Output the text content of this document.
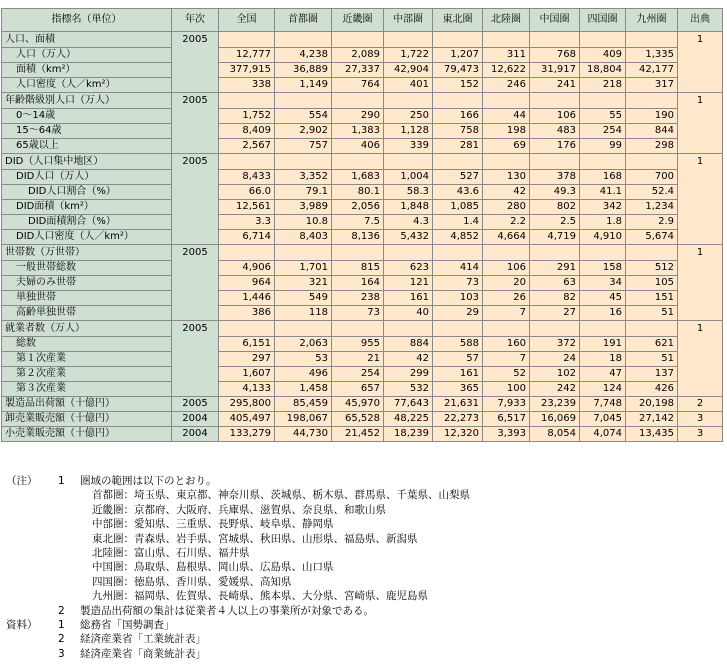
指標名（単位）	年次	全国	首都圏	近畿圏	中部圏	東北圏	北陸圏	中国圏	四国圏	九州圏	出典
人口、面積	2005										1
人口（万人）		12,777	4,238	2,089	1,722	1,207	311	768	409	1,335	
面積（km²）		377,915	36,889	27,337	42,904	79,473	12,622	31,917	18,804	42,177	
人口密度（人／km²）		338	1,149	764	401	152	246	241	218	317	
年齢階級別人口（万人）	2005										1
0～14歳		1,752	554	290	250	166	44	106	55	190	
15～64歳		8,409	2,902	1,383	1,128	758	198	483	254	844	
65歳以上		2,567	757	406	339	281	69	176	99	298	
DID（人口集中地区）	2005										1
DID人口（万人）		8,433	3,352	1,683	1,004	527	130	378	168	700	
DID人口割合（%）		66.0	79.1	80.1	58.3	43.6	42	49.3	41.1	52.4	
DID面積（km²）		12,561	3,989	2,056	1,848	1,085	280	802	342	1,234	
DID面積割合（%）		3.3	10.8	7.5	4.3	1.4	2.2	2.5	1.8	2.9	
DID人口密度（人／km²）		6,714	8,403	8,136	5,432	4,852	4,664	4,719	4,910	5,674	
世帯数（万世帯）	2005										1
一般世帯総数		4,906	1,701	815	623	414	106	291	158	512	
夫婦のみ世帯		964	321	164	121	73	20	63	34	105	
単独世帯		1,446	549	238	161	103	26	82	45	151	
高齢単独世帯		386	118	73	40	29	7	27	16	51	
就業者数（万人）	2005										1
総数		6,151	2,063	955	884	588	160	372	191	621	
第１次産業		297	53	21	42	57	7	24	18	51	
第２次産業		1,607	496	254	299	161	52	102	47	137	
第３次産業		4,133	1,458	657	532	365	100	242	124	426	
製造品出荷額（十億円）	2005	295,800	85,459	45,970	77,643	21,631	7,933	23,239	7,748	20,198	2
卸売業販売額（十億円）	2004	405,497	198,067	65,528	48,225	22,273	6,517	16,069	7,045	27,142	3
小売業販売額（十億円）	2004	133,279	44,730	21,452	18,239	12,320	3,393	8,054	4,074	13,435	3
（注） 1 圏域の範囲は以下のとおり。
首都圏：埼玉県、東京都、神奈川県、茨城県、栃木県、群馬県、千葉県、山梨県
近畿圏：京都府、大阪府、兵庫県、滋賀県、奈良県、和歌山県
中部圏：愛知県、三重県、長野県、岐阜県、静岡県
東北圏：青森県、岩手県、宮城県、秋田県、山形県、福島県、新潟県
北陸圏：富山県、石川県、福井県
中国圏：鳥取県、島根県、岡山県、広島県、山口県
四国圏：徳島県、香川県、愛媛県、高知県
九州圏：福岡県、佐賀県、長崎県、熊本県、大分県、宮崎県、鹿児島県
2 製造品出荷額の集計は従業者４人以上の事業所が対象である。
資料） 1 総務省「国勢調査」
2 経済産業省「工業統計表」
3 経済産業省「商業統計表」
